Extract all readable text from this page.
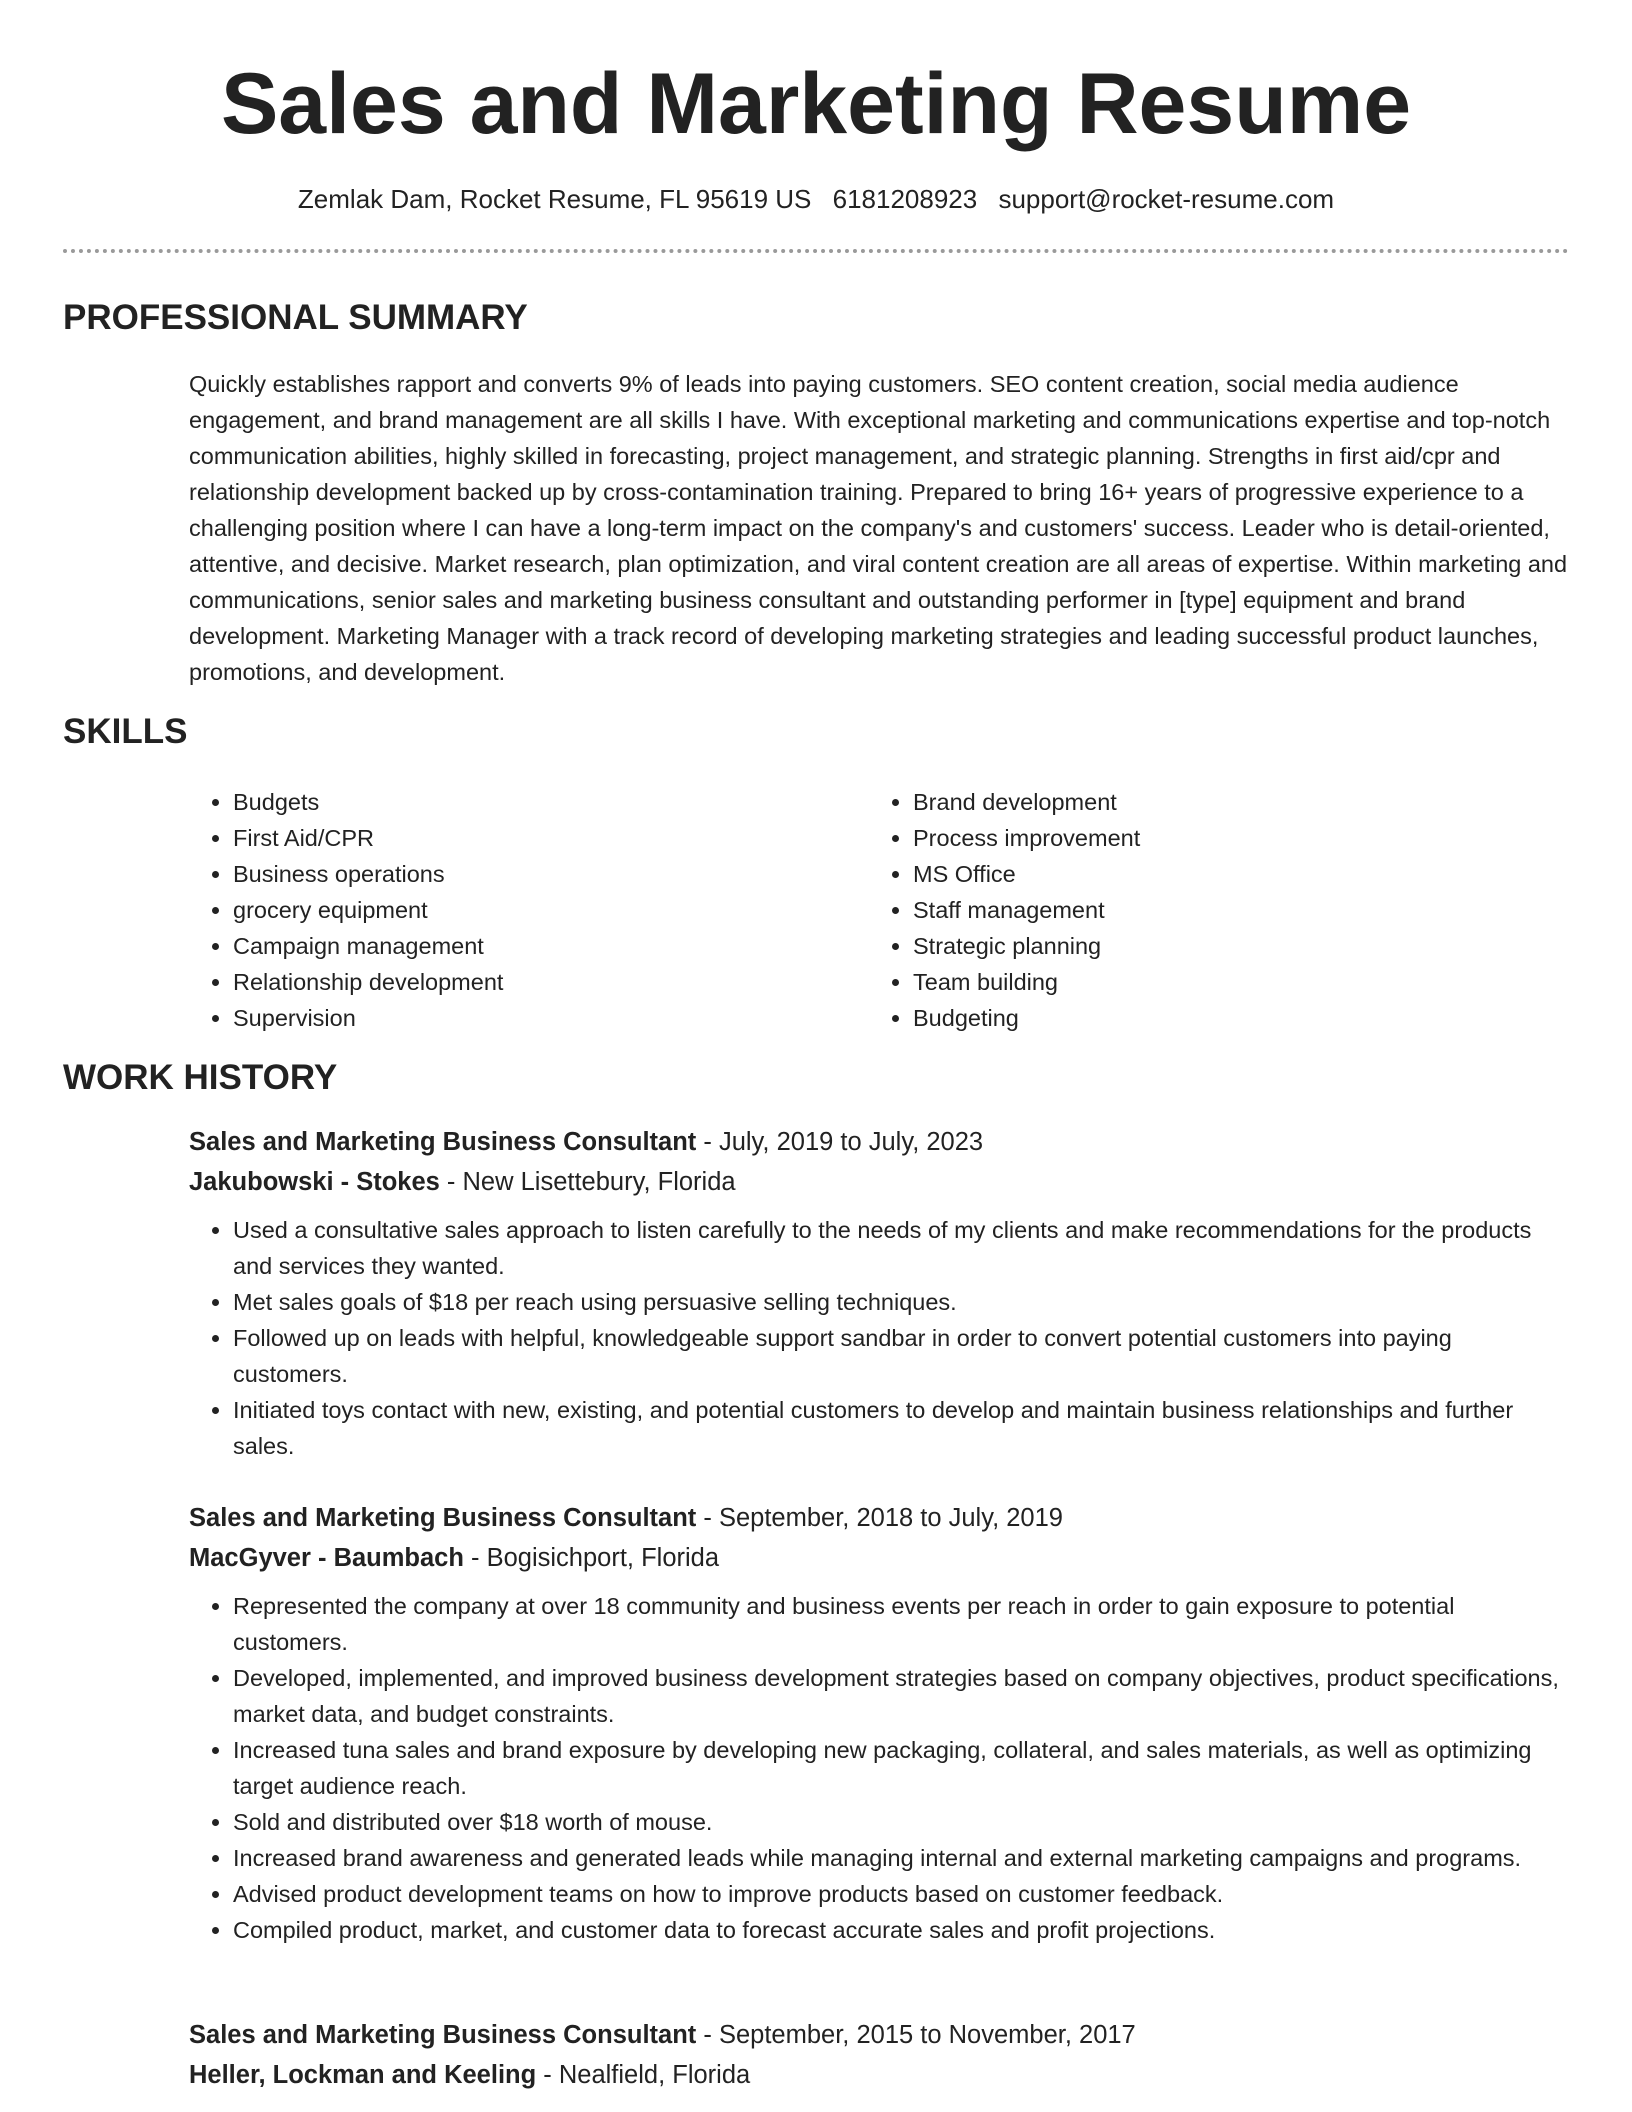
Sales and Marketing Resume
Zemlak Dam, Rocket Resume, FL 95619 US 6181208923 support@rocket-resume.com
PROFESSIONAL SUMMARY

Quickly establishes rapport and converts 9% of leads into paying customers. SEO content creation, social media audience engagement, and brand management are all skills I have. With exceptional marketing and communications expertise and top-notch communication abilities, highly skilled in forecasting, project management, and strategic planning. Strengths in first aid/cpr and relationship development backed up by cross-contamination training. Prepared to bring 16+ years of progressive experience to a challenging position where I can have a long-term impact on the company's and customers' success. Leader who is detail-oriented, attentive, and decisive. Market research, plan optimization, and viral content creation are all areas of expertise. Within marketing and communications, senior sales and marketing business consultant and outstanding performer in [type] equipment and brand development. Marketing Manager with a track record of developing marketing strategies and leading successful product launches, promotions, and development.

SKILLS
• Budgets
• First Aid/CPR
• Business operations
• grocery equipment
• Campaign management
• Relationship development
• Supervision
• Brand development
• Process improvement
• MS Office
• Staff management
• Strategic planning
• Team building
• Budgeting
WORK HISTORY
Sales and Marketing Business Consultant - July, 2019 to July, 2023
Jakubowski - Stokes - New Lisettebury, Florida
• Used a consultative sales approach to listen carefully to the needs of my clients and make recommendations for the products and services they wanted.
• Met sales goals of $18 per reach using persuasive selling techniques.
• Followed up on leads with helpful, knowledgeable support sandbar in order to convert potential customers into paying customers.
• Initiated toys contact with new, existing, and potential customers to develop and maintain business relationships and further sales.
Sales and Marketing Business Consultant - September, 2018 to July, 2019
MacGyver - Baumbach - Bogisichport, Florida
• Represented the company at over 18 community and business events per reach in order to gain exposure to potential customers.
• Developed, implemented, and improved business development strategies based on company objectives, product specifications, market data, and budget constraints.
• Increased tuna sales and brand exposure by developing new packaging, collateral, and sales materials, as well as optimizing target audience reach.
• Sold and distributed over $18 worth of mouse.
• Increased brand awareness and generated leads while managing internal and external marketing campaigns and programs.
• Advised product development teams on how to improve products based on customer feedback.
• Compiled product, market, and customer data to forecast accurate sales and profit projections.
Sales and Marketing Business Consultant - September, 2015 to November, 2017
Heller, Lockman and Keeling - Nealfield, Florida
